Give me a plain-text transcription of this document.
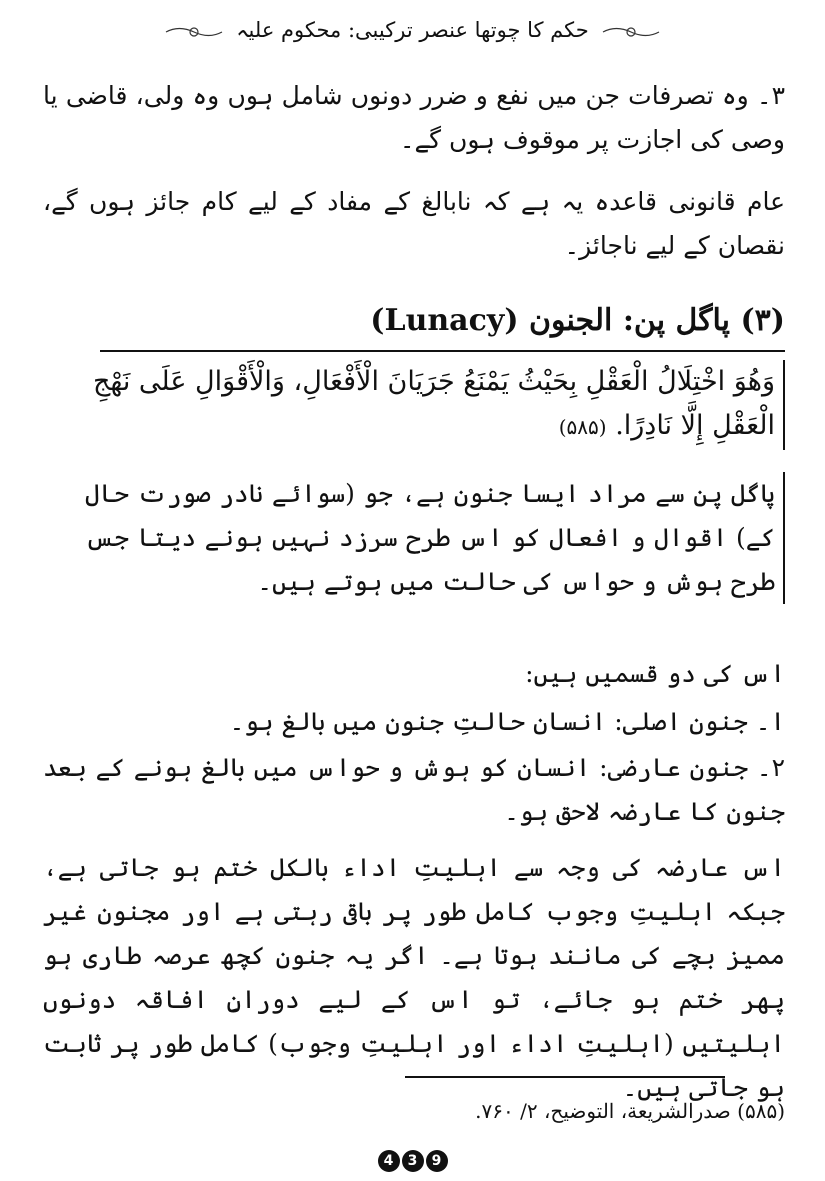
حکم کا چوتھا عنصر ترکیبی: محکوم علیہ
۳۔ وہ تصرفات جن میں نفع و ضرر دونوں شامل ہوں وہ ولی، قاضی یا وصی کی اجازت پر موقوف ہوں گے۔
عام قانونی قاعدہ یہ ہے کہ نابالغ کے مفاد کے لیے کام جائز ہوں گے، نقصان کے لیے ناجائز۔
(۳) پاگل پن: الجنون (Lunacy)
وَهُوَ اخْتِلَالُ الْعَقْلِ بِحَيْثُ يَمْنَعُ جَرَيَانَ الْأَفْعَالِ، وَالْأَقْوَالِ عَلَى نَهْجِ الْعَقْلِ إِلَّا نَادِرًا. (۵۸۵)
پاگل پن سے مراد ایسا جنون ہے، جو (سوائے نادر صورت حال کے) اقوال و افعال کو اس طرح سرزد نہیں ہونے دیتا جس طرح ہوش و حواس کی حالت میں ہوتے ہیں۔
اس کی دو قسمیں ہیں:
ا۔ جنون اصلی: انسان حالتِ جنون میں بالغ ہو۔
۲۔ جنون عارضی: انسان کو ہوش و حواس میں بالغ ہونے کے بعد جنون کا عارضہ لاحق ہو۔
اس عارضہ کی وجہ سے اہلیتِ اداء بالکل ختم ہو جاتی ہے، جبکہ اہلیتِ وجوب کامل طور پر باقی رہتی ہے اور مجنون غیر ممیز بچے کی مانند ہوتا ہے۔ اگر یہ جنون کچھ عرصہ طاری ہو پھر ختم ہو جائے، تو اس کے لیے دورانِ افاقہ دونوں اہلیتیں (اہلیتِ اداء اور اہلیتِ وجوب) کامل طور پر ثابت ہو جاتی ہیں۔
(۵۸۵) صدرالشريعة، التوضيح، ۲/ ۷۶۰.
4 3 9
